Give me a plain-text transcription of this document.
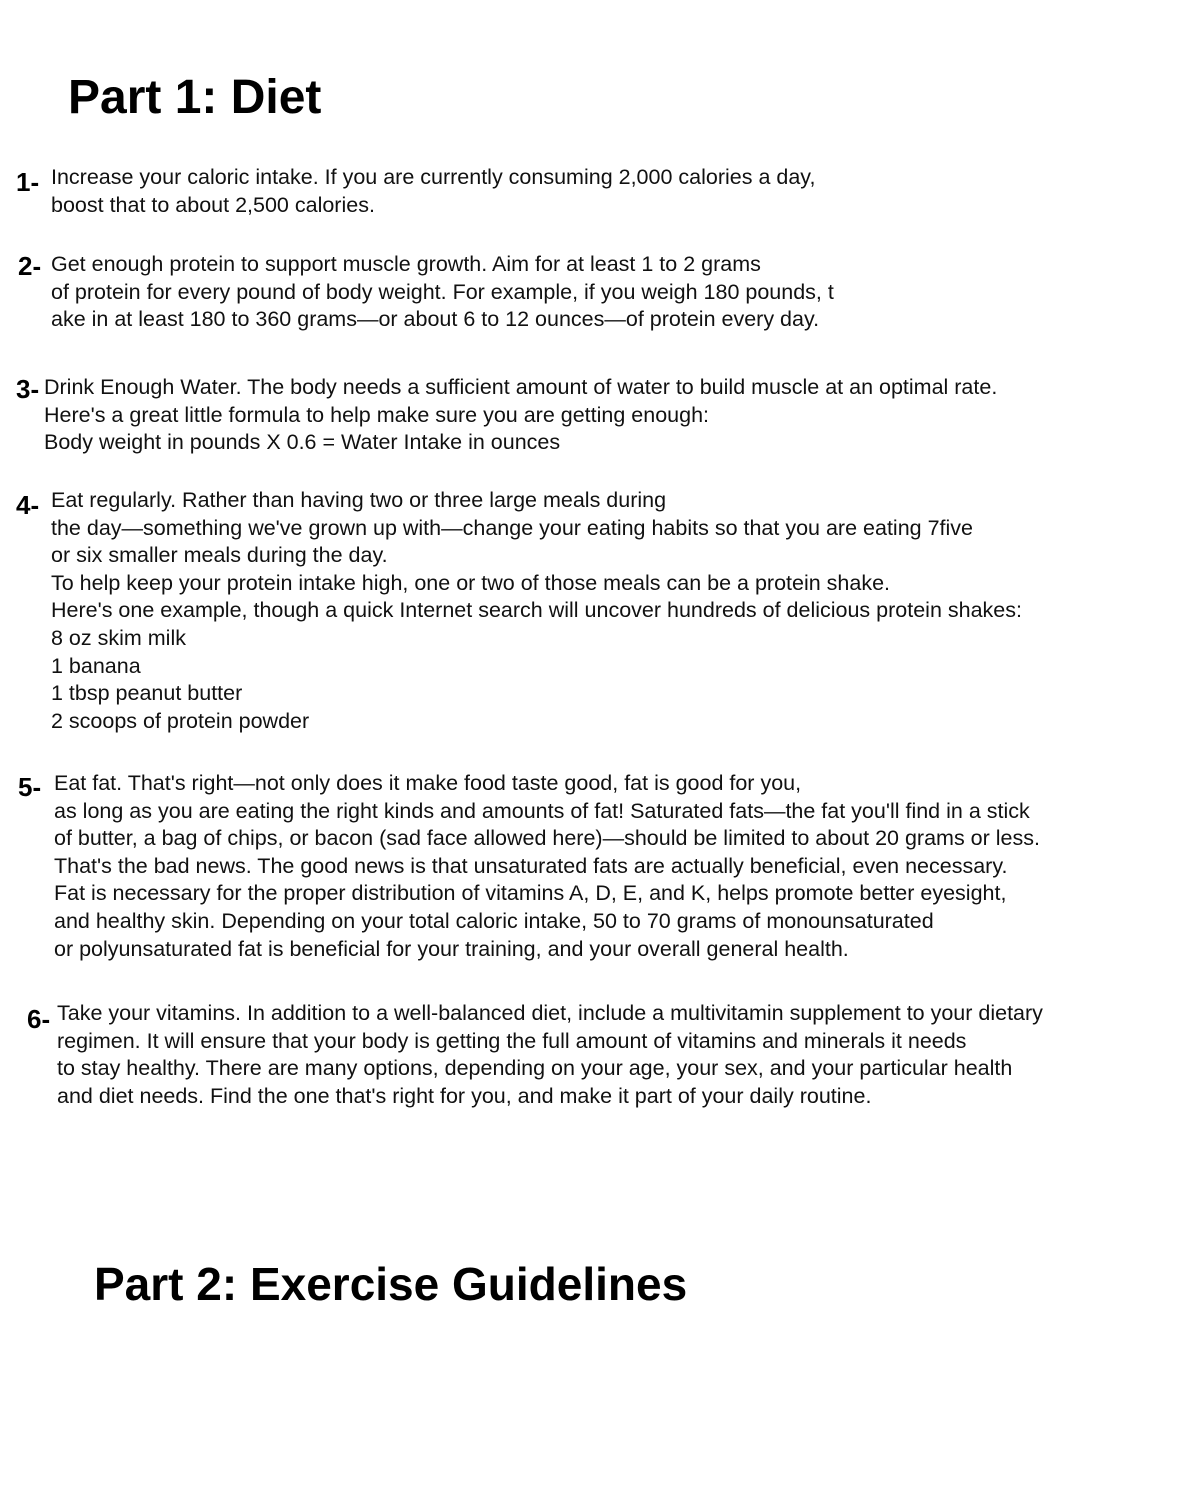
Part 1: Diet
1- Increase your caloric intake. If you are currently consuming 2,000 calories a day,
boost that to about 2,500 calories.
2- Get enough protein to support muscle growth. Aim for at least 1 to 2 grams
of protein for every pound of body weight. For example, if you weigh 180 pounds, t
ake in at least 180 to 360 grams—or about 6 to 12 ounces—of protein every day.
3- Drink Enough Water. The body needs a sufficient amount of water to build muscle at an optimal rate.
Here's a great little formula to help make sure you are getting enough:
Body weight in pounds X 0.6 = Water Intake in ounces
4- Eat regularly. Rather than having two or three large meals during
the day—something we've grown up with—change your eating habits so that you are eating 7five
or six smaller meals during the day.
To help keep your protein intake high, one or two of those meals can be a protein shake.
Here's one example, though a quick Internet search will uncover hundreds of delicious protein shakes:
8 oz skim milk
1 banana
1 tbsp peanut butter
2 scoops of protein powder
5- Eat fat. That's right—not only does it make food taste good, fat is good for you,
as long as you are eating the right kinds and amounts of fat! Saturated fats—the fat you'll find in a stick
of butter, a bag of chips, or bacon (sad face allowed here)—should be limited to about 20 grams or less.
That's the bad news. The good news is that unsaturated fats are actually beneficial, even necessary.
Fat is necessary for the proper distribution of vitamins A, D, E, and K, helps promote better eyesight,
and healthy skin. Depending on your total caloric intake, 50 to 70 grams of monounsaturated
or polyunsaturated fat is beneficial for your training, and your overall general health.
6- Take your vitamins. In addition to a well-balanced diet, include a multivitamin supplement to your dietary
regimen. It will ensure that your body is getting the full amount of vitamins and minerals it needs
to stay healthy. There are many options, depending on your age, your sex, and your particular health
and diet needs. Find the one that's right for you, and make it part of your daily routine.
Part 2: Exercise Guidelines
